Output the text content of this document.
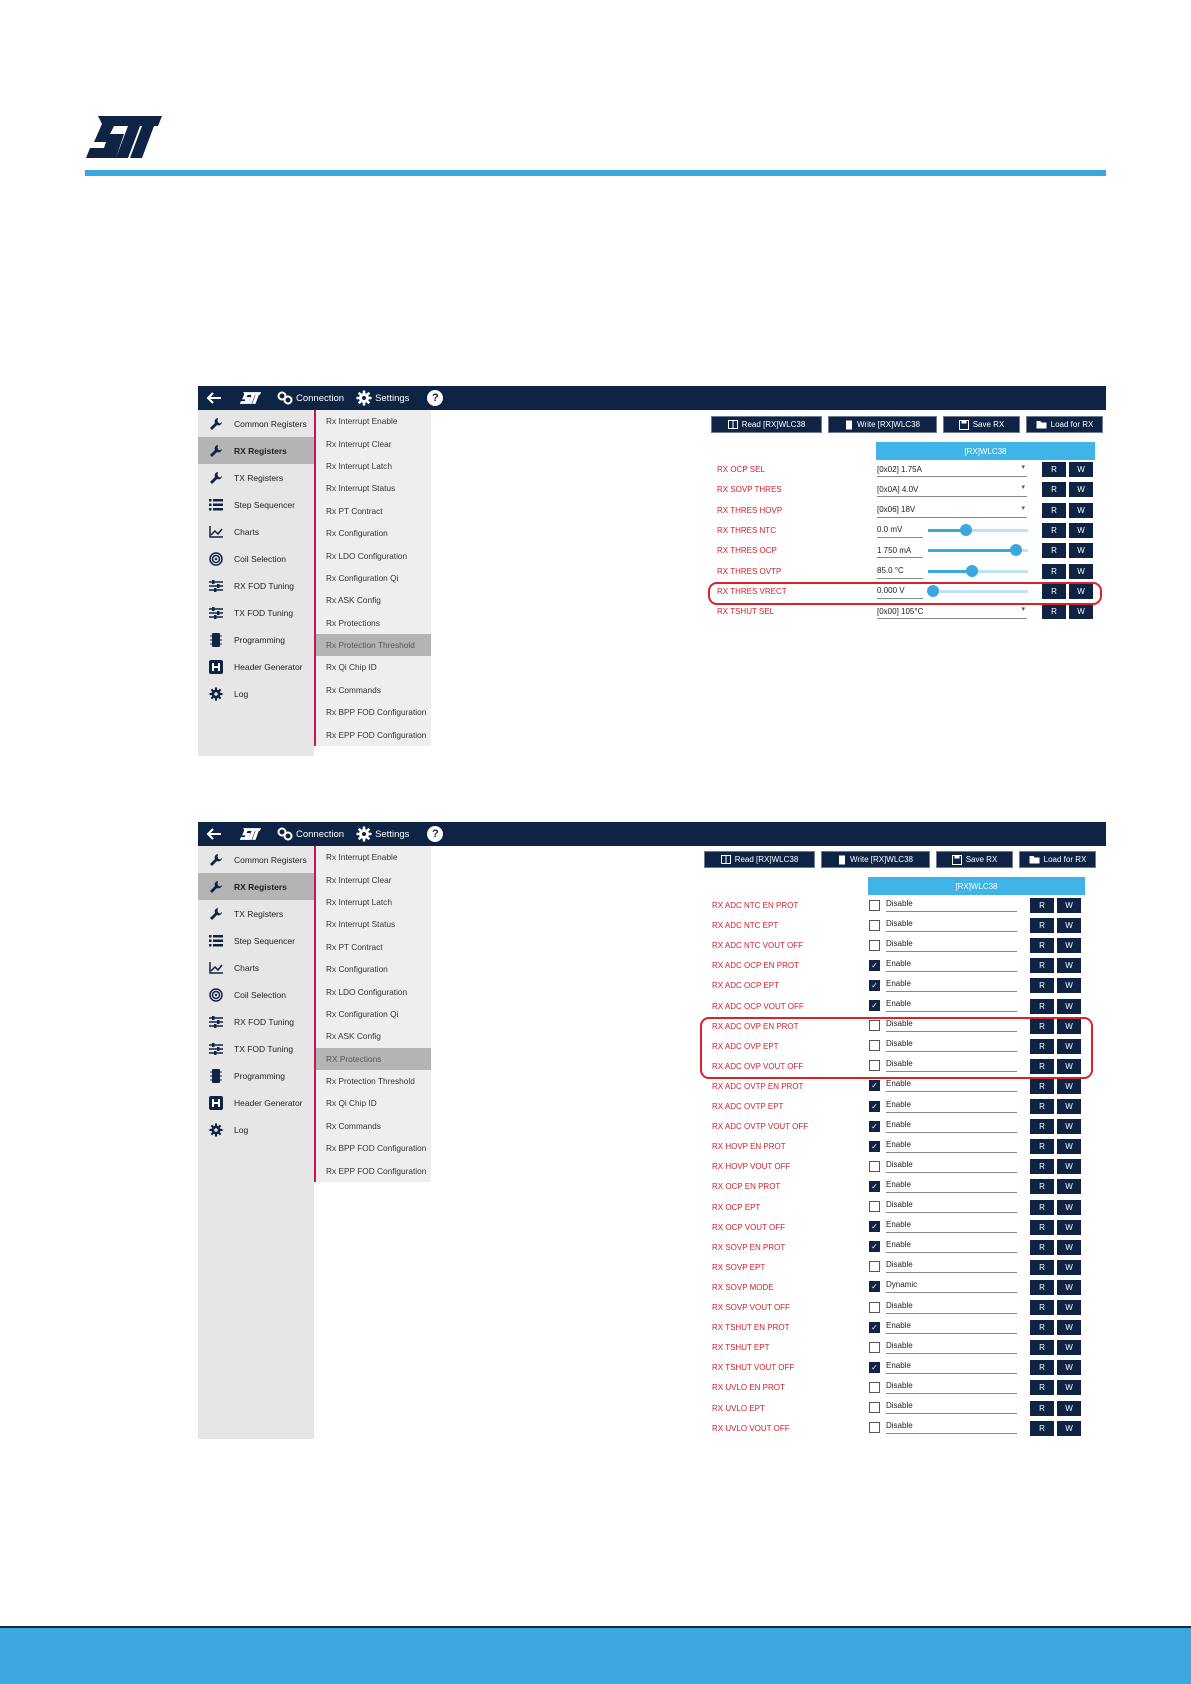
Connection	Settings	?
Common Registers
RX Registers
TX Registers
Step Sequencer
Charts
Coil Selection
RX FOD Tuning
TX FOD Tuning
Programming
Header Generator
Log
Rx Interrupt Enable
Rx Interrupt Clear
Rx Interrupt Latch
Rx Interrupt Status
Rx PT Contract
Rx Configuration
Rx LDO Configuration
Rx Configuration Qi
Rx ASK Config
Rx Protections
Rx Protection Threshold
Rx Qi Chip ID
Rx Commands
Rx BPP FOD Configuration
Rx EPP FOD Configuration
Read [RX]WLC38	Write [RX]WLC38	Save RX	Load for RX
[RX]WLC38
RX OCP SEL	[0x02] 1.75A	▾	R	W
RX SOVP THRES	[0x0A] 4.0V	▾	R	W
RX THRES HOVP	[0x06] 18V	▾	R	W
RX THRES NTC	0.0 mV	R	W
RX THRES OCP	1 750 mA	R	W
RX THRES OVTP	85.0 °C	R	W
RX THRES VRECT	0.000 V	R	W
RX TSHUT SEL	[0x00] 105°C	▾	R	W
Connection	Settings	?
Common Registers
RX Registers
TX Registers
Step Sequencer
Charts
Coil Selection
RX FOD Tuning
TX FOD Tuning
Programming
Header Generator
Log
Rx Interrupt Enable
Rx Interrupt Clear
Rx Interrupt Latch
Rx Interrupt Status
Rx PT Contract
Rx Configuration
Rx LDO Configuration
Rx Configuration Qi
Rx ASK Config
RX Protections
Rx Protection Threshold
Rx Qi Chip ID
Rx Commands
Rx BPP FOD Configuration
Rx EPP FOD Configuration
Read [RX]WLC38	Write [RX]WLC38	Save RX	Load for RX
[RX]WLC38
RX ADC NTC EN PROT	Disable	R	W
RX ADC NTC EPT	Disable	R	W
RX ADC NTC VOUT OFF	Disable	R	W
RX ADC OCP EN PROT	✓ Enable	R	W
RX ADC OCP EPT	✓ Enable	R	W
RX ADC OCP VOUT OFF	✓ Enable	R	W
RX ADC OVP EN PROT	Disable	R	W
RX ADC OVP EPT	Disable	R	W
RX ADC OVP VOUT OFF	Disable	R	W
RX ADC OVTP EN PROT	✓ Enable	R	W
RX ADC OVTP EPT	✓ Enable	R	W
RX ADC OVTP VOUT OFF	✓ Enable	R	W
RX HOVP EN PROT	✓ Enable	R	W
RX HOVP VOUT OFF	Disable	R	W
RX OCP EN PROT	✓ Enable	R	W
RX OCP EPT	Disable	R	W
RX OCP VOUT OFF	✓ Enable	R	W
RX SOVP EN PROT	✓ Enable	R	W
RX SOVP EPT	Disable	R	W
RX SOVP MODE	✓ Dynamic	R	W
RX SOVP VOUT OFF	Disable	R	W
RX TSHUT EN PROT	✓ Enable	R	W
RX TSHUT EPT	Disable	R	W
RX TSHUT VOUT OFF	✓ Enable	R	W
RX UVLO EN PROT	Disable	R	W
RX UVLO EPT	Disable	R	W
RX UVLO VOUT OFF	Disable	R	W
